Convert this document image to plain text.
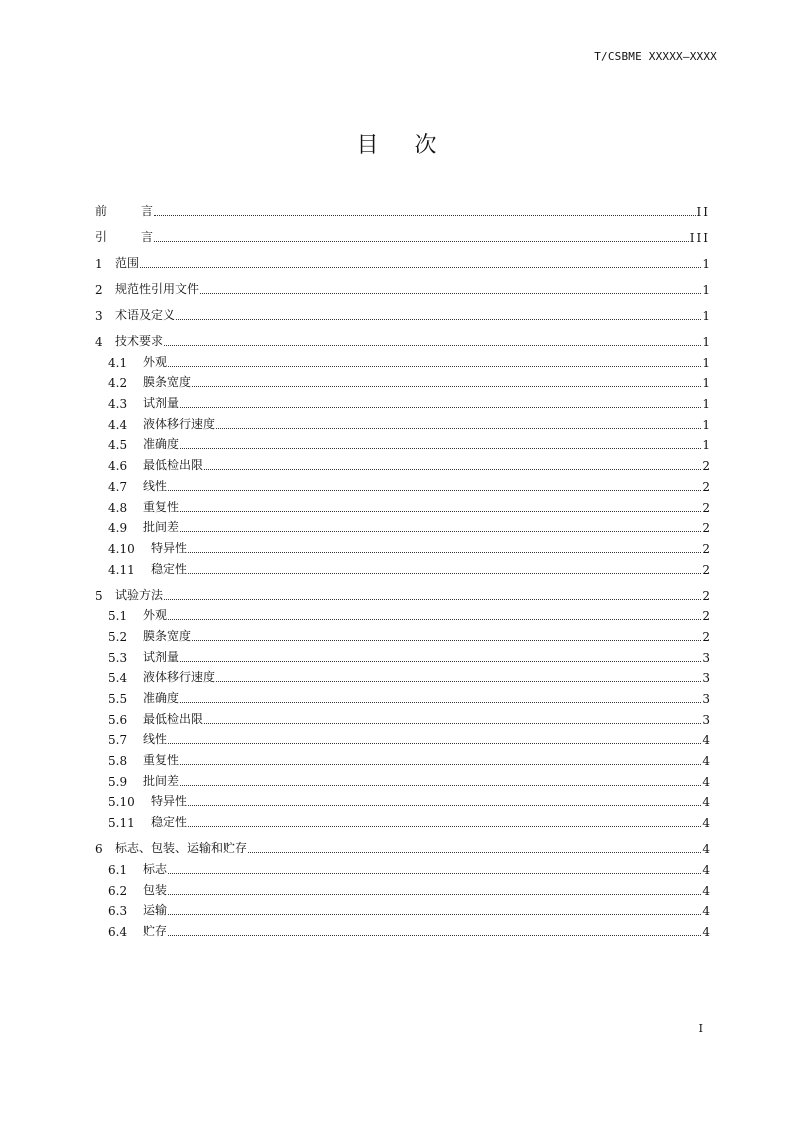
T/CSBME XXXXX—XXXX
目 次
前	言	II
引	言	III
1	范围	1
2	规范性引用文件	1
3	术语及定义	1
4	技术要求	1
4.1	外观	1
4.2	膜条宽度	1
4.3	试剂量	1
4.4	液体移行速度	1
4.5	准确度	1
4.6	最低检出限	2
4.7	线性	2
4.8	重复性	2
4.9	批间差	2
4.10	特异性	2
4.11	稳定性	2
5	试验方法	2
5.1	外观	2
5.2	膜条宽度	2
5.3	试剂量	3
5.4	液体移行速度	3
5.5	准确度	3
5.6	最低检出限	3
5.7	线性	4
5.8	重复性	4
5.9	批间差	4
5.10	特异性	4
5.11	稳定性	4
6	标志、包装、运输和贮存	4
6.1	标志	4
6.2	包装	4
6.3	运输	4
6.4	贮存	4
I
